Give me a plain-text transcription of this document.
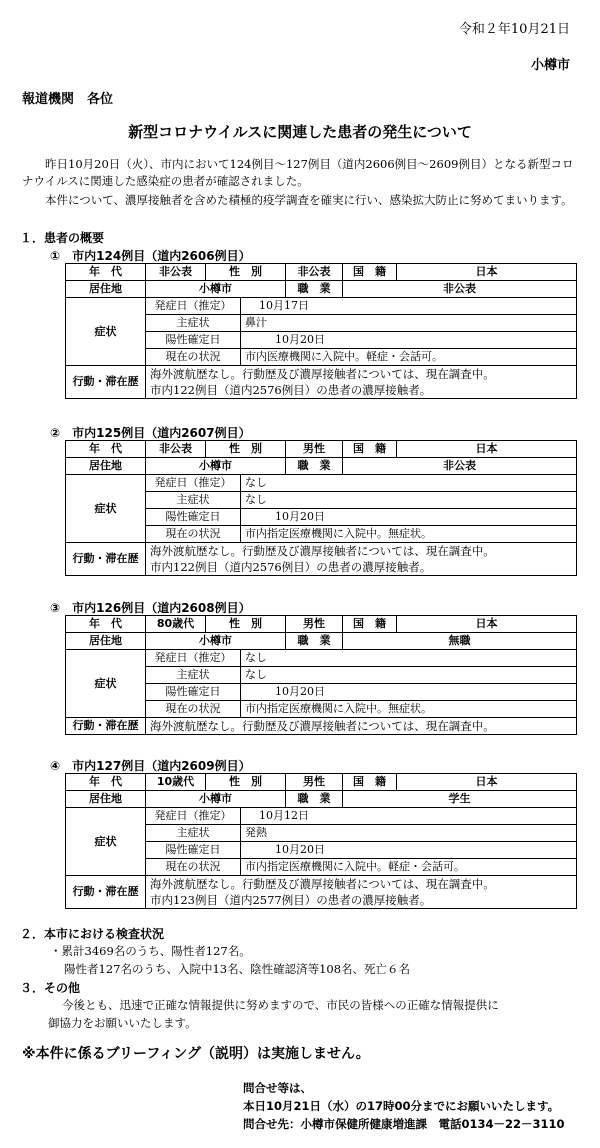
令和２年10月21日
小樽市
報道機関　各位
新型コロナウイルスに関連した患者の発生について
昨日10月20日（火）、市内において124例目～127例目（道内2606例目～2609例目）となる新型コロナウイルスに関連した感染症の患者が確認されました。
本件について、濃厚接触者を含めた積極的疫学調査を確実に行い、感染拡大防止に努めてまいります。
１．患者の概要
①　市内124例目（道内2606例目）
年　代	非公表	性　別		非公表	国　籍	日本
居住地	小樽市			職　業	非公表	
症状	発症日（推定）		10月17日			
	主症状		鼻汁			
	陽性確定日		10月20日			
	現在の状況		市内医療機関に入院中。軽症・会話可。			
行動・滞在歴	海外渡航歴なし。行動歴及び濃厚接触者については、現在調査中。
市内122例目（道内2576例目）の患者の濃厚接触者。					
②　市内125例目（道内2607例目）
年　代	非公表	性　別		男性	国　籍	日本
居住地	小樽市			職　業	非公表	
症状	発症日（推定）		なし			
	主症状		なし			
	陽性確定日		10月20日			
	現在の状況		市内指定医療機関に入院中。無症状。			
行動・滞在歴	海外渡航歴なし。行動歴及び濃厚接触者については、現在調査中。
市内122例目（道内2576例目）の患者の濃厚接触者。					
③　市内126例目（道内2608例目）
年　代	80歳代	性　別		男性	国　籍	日本
居住地	小樽市			職　業	無職	
症状	発症日（推定）		なし			
	主症状		なし			
	陽性確定日		10月20日			
	現在の状況		市内指定医療機関に入院中。無症状。			
行動・滞在歴	海外渡航歴なし。行動歴及び濃厚接触者については、現在調査中。					
④　市内127例目（道内2609例目）
年　代	10歳代	性　別		男性	国　籍	日本
居住地	小樽市			職　業	学生	
症状	発症日（推定）		10月12日			
	主症状		発熱			
	陽性確定日		10月20日			
	現在の状況		市内指定医療機関に入院中。軽症・会話可。			
行動・滞在歴	海外渡航歴なし。行動歴及び濃厚接触者については、現在調査中。
市内123例目（道内2577例目）の患者の濃厚接触者。					
２．本市における検査状況
・累計3469名のうち、陽性者127名。
陽性者127名のうち、入院中13名、陰性確認済等108名、死亡６名
３．その他
今後とも、迅速で正確な情報提供に努めますので、市民の皆様への正確な情報提供に
御協力をお願いいたします。
※本件に係るブリーフィング（説明）は実施しません。
問合せ等は、
本日10月21日（水）の17時00分までにお願いいたします。
問合せ先：小樽市保健所健康増進課　電話0134－22－3110
